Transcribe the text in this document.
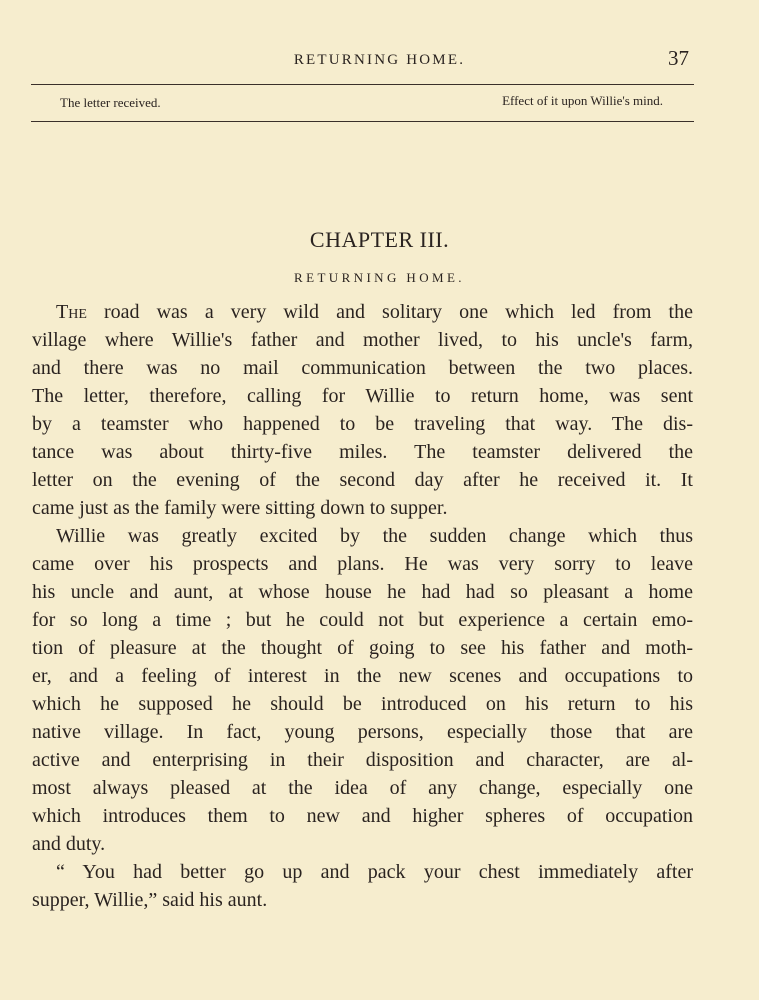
RETURNING HOME.	37
The letter received.	Effect of it upon Willie's mind.
CHAPTER III.
RETURNING HOME.
The road was a very wild and solitary one which led from the
village where Willie's father and mother lived, to his uncle's farm,
and there was no mail communication between the two places.
The letter, therefore, calling for Willie to return home, was sent
by a teamster who happened to be traveling that way. The dis-
tance was about thirty-five miles. The teamster delivered the
letter on the evening of the second day after he received it. It
came just as the family were sitting down to supper.
Willie was greatly excited by the sudden change which thus
came over his prospects and plans. He was very sorry to leave
his uncle and aunt, at whose house he had had so pleasant a home
for so long a time ; but he could not but experience a certain emo-
tion of pleasure at the thought of going to see his father and moth-
er, and a feeling of interest in the new scenes and occupations to
which he supposed he should be introduced on his return to his
native village. In fact, young persons, especially those that are
active and enterprising in their disposition and character, are al-
most always pleased at the idea of any change, especially one
which introduces them to new and higher spheres of occupation
and duty.
“ You had better go up and pack your chest immediately after
supper, Willie,” said his aunt.
